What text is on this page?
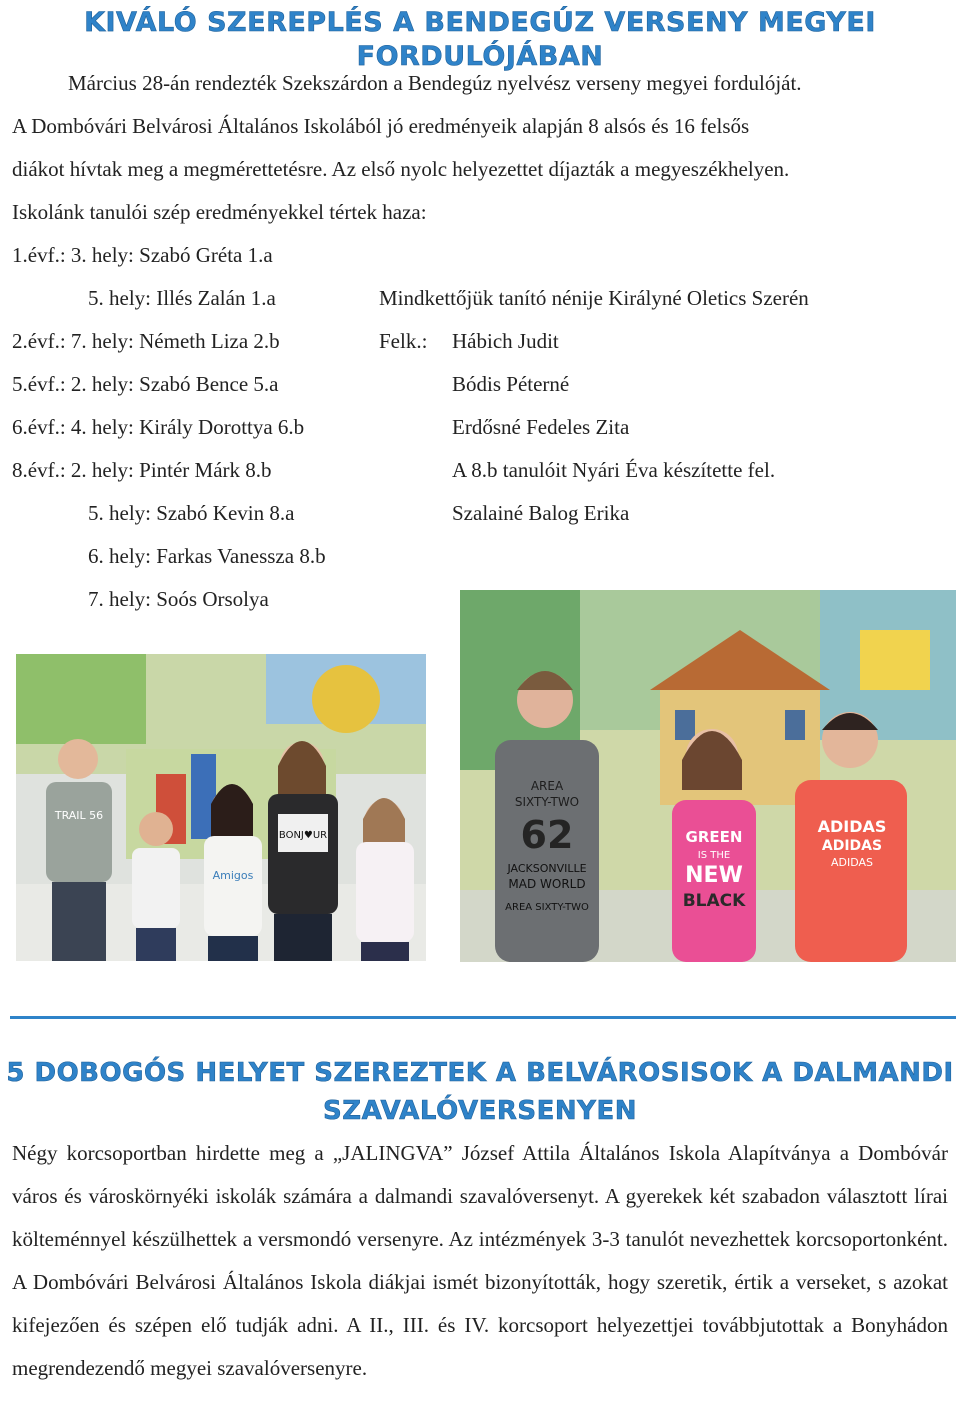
KIVÁLÓ SZEREPLÉS A BENDEGÚZ VERSENY MEGYEI FORDULÓJÁBAN
Március 28-án rendezték Szekszárdon a Bendegúz nyelvész verseny megyei fordulóját.
A Dombóvári Belvárosi Általános Iskolából jó eredményeik alapján 8 alsós és 16 felsős
diákot hívtak meg a megmérettetésre. Az első nyolc helyezettet díjazták a megyeszékhelyen.
Iskolánk tanulói szép eredményekkel tértek haza:
1.évf.: 3. hely: Szabó Gréta 1.a
5. hely: Illés Zalán 1.a	Mindkettőjük tanító nénije Királyné Oletics Szerén
2.évf.: 7. hely: Németh Liza 2.b	Felk.: Hábich Judit
5.évf.: 2. hely: Szabó Bence 5.a	Bódis Péterné
6.évf.: 4. hely: Király Dorottya 6.b	Erdősné Fedeles Zita
8.évf.: 2. hely: Pintér Márk 8.b	A 8.b tanulóit Nyári Éva készítette fel.
5. hely: Szabó Kevin 8.a	Szalainé Balog Erika
6. hely: Farkas Vanessza 8.b
7. hely: Soós Orsolya
TRAIL 56
Amigos
BONJ♥UR
AREA
SIXTY-TWO
62
JACKSONVILLE
MAD WORLD
AREA SIXTY-TWO
GREEN
IS THE
NEW
BLACK
ADIDAS
ADIDAS
ADIDAS
5 DOBOGÓS HELYET SZEREZTEK A BELVÁROSISOK A DALMANDI
SZAVALÓVERSENYEN

Négy korcsoportban hirdette meg a „JALINGVA” József Attila Általános Iskola Alapítványa a Dombóvár város és városkörnyéki iskolák számára a dalmandi szavalóversenyt. A gyerekek két szabadon választott lírai költeménnyel készülhettek a versmondó versenyre. Az intézmények 3-3 tanulót nevezhettek korcsoportonként. A Dombóvári Belvárosi Általános Iskola diákjai ismét bizonyították, hogy szeretik, értik a verseket, s azokat kifejezően és szépen elő tudják adni. A II., III. és IV. korcsoport helyezettjei továbbjutottak a Bonyhádon megrendezendő megyei szavalóversenyre.
